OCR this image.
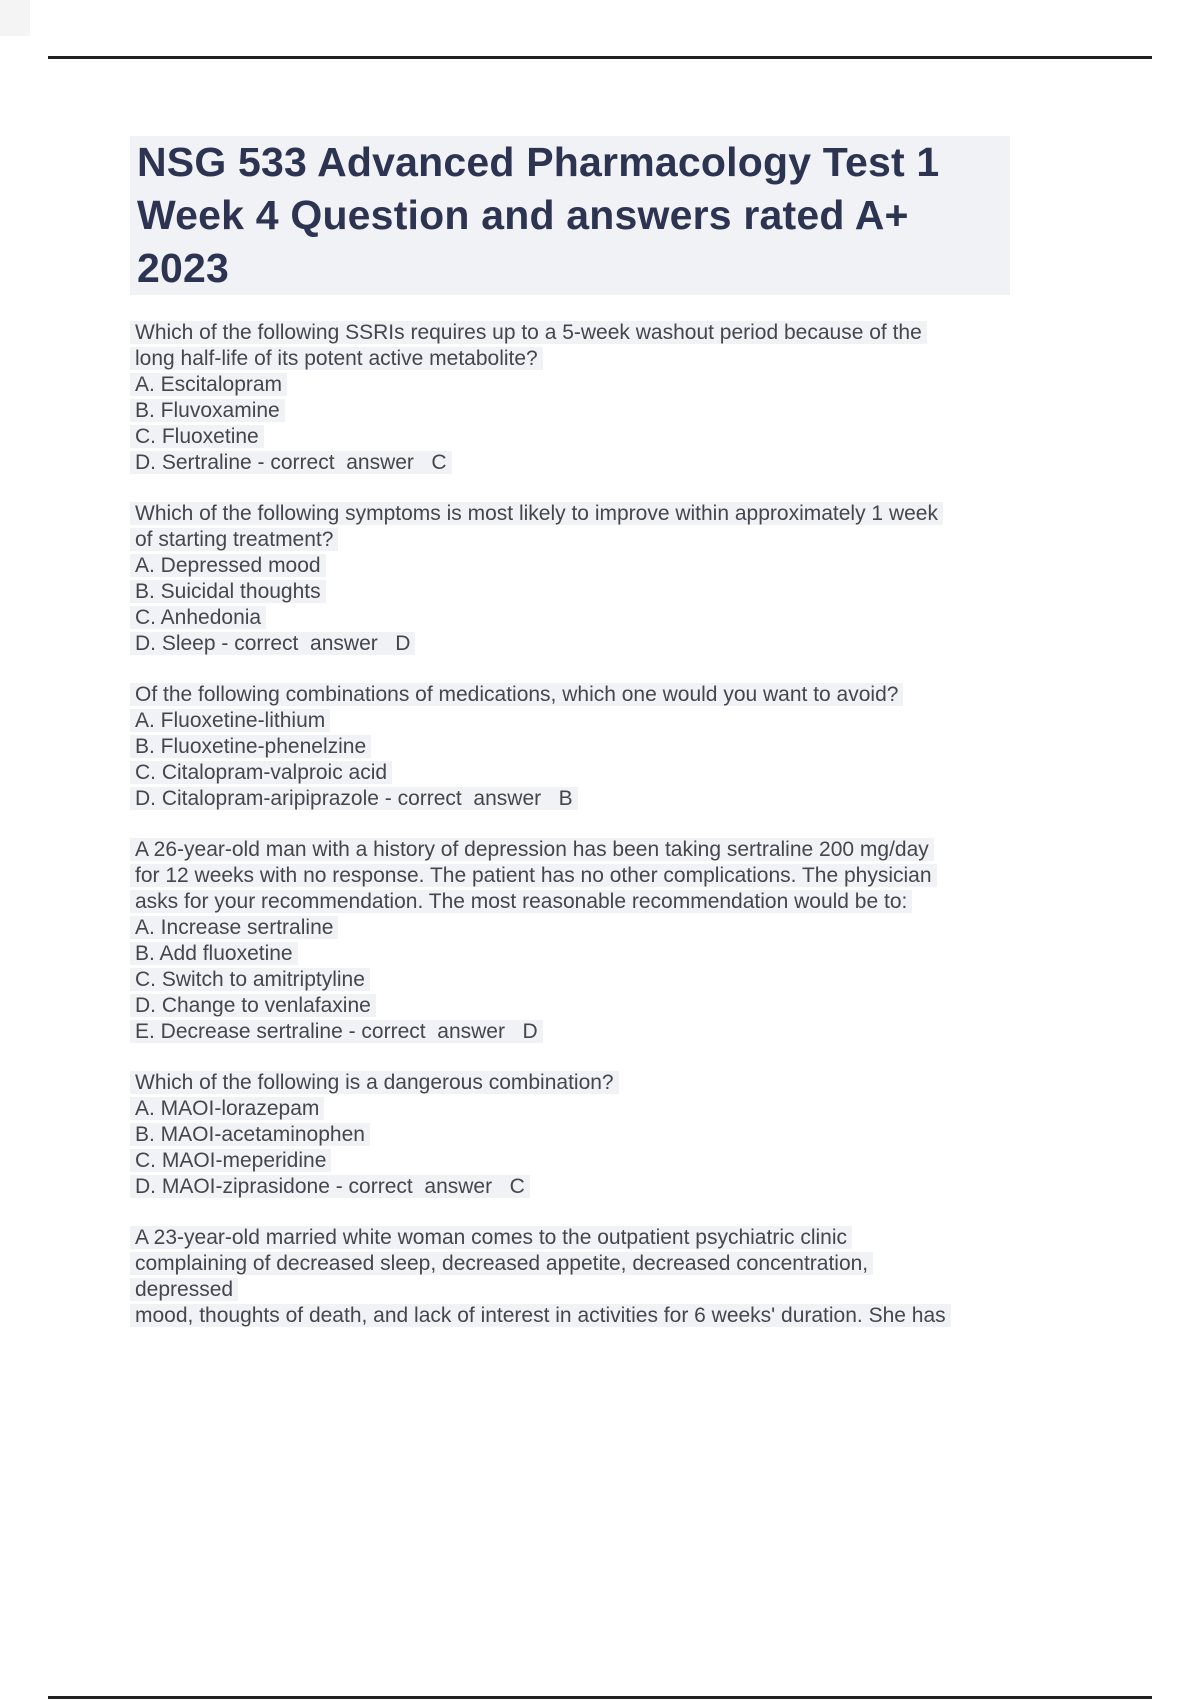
NSG 533 Advanced Pharmacology Test 1
Week 4 Question and answers rated A+
2023
Which of the following SSRIs requires up to a 5-week washout period because of the
long half-life of its potent active metabolite?
A. Escitalopram
B. Fluvoxamine
C. Fluoxetine
D. Sertraline - correct  answer   C
Which of the following symptoms is most likely to improve within approximately 1 week
of starting treatment?
A. Depressed mood
B. Suicidal thoughts
C. Anhedonia
D. Sleep - correct  answer   D
Of the following combinations of medications, which one would you want to avoid?
A. Fluoxetine-lithium
B. Fluoxetine-phenelzine
C. Citalopram-valproic acid
D. Citalopram-aripiprazole - correct  answer   B
A 26-year-old man with a history of depression has been taking sertraline 200 mg/day
for 12 weeks with no response. The patient has no other complications. The physician
asks for your recommendation. The most reasonable recommendation would be to:
A. Increase sertraline
B. Add fluoxetine
C. Switch to amitriptyline
D. Change to venlafaxine
E. Decrease sertraline - correct  answer   D
Which of the following is a dangerous combination?
A. MAOI-lorazepam
B. MAOI-acetaminophen
C. MAOI-meperidine
D. MAOI-ziprasidone - correct  answer   C
A 23-year-old married white woman comes to the outpatient psychiatric clinic
complaining of decreased sleep, decreased appetite, decreased concentration,
depressed
mood, thoughts of death, and lack of interest in activities for 6 weeks' duration. She has
